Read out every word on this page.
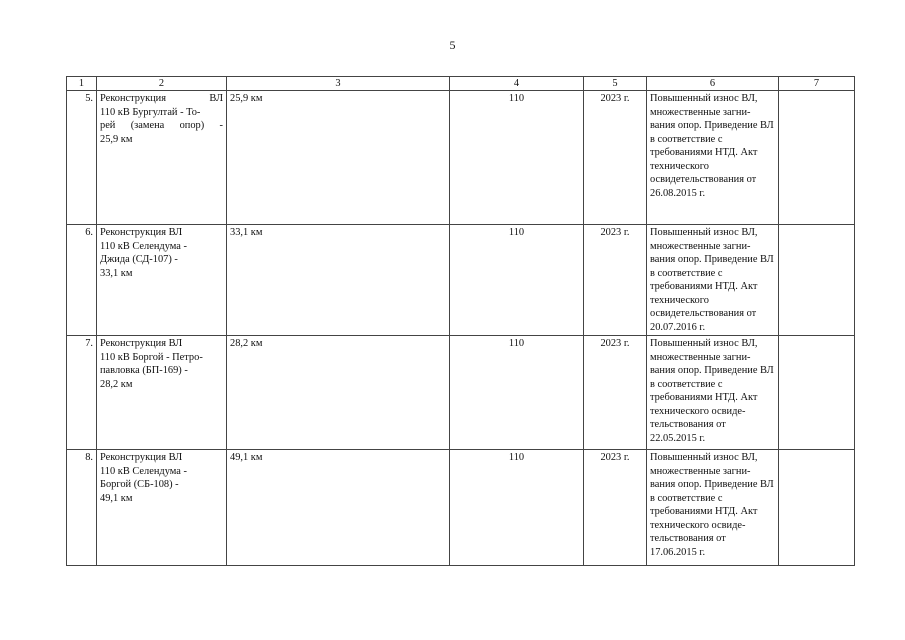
5
1	2	3	4	5	6	7
5.	Реконструкция ВЛ
110 кВ Бургултай - То-
рей (замена опор) -
25,9 км	25,9 км	110	2023 г.	Повышенный износ ВЛ, множественные загни-вания опор. Приведение ВЛ в соответствие с требованиями НТД. Акт технического освидетельствования от 26.08.2015 г.	
6.	Реконструкция ВЛ
110 кВ Селендума -
Джида (СД-107) -
33,1 км	33,1 км	110	2023 г.	Повышенный износ ВЛ, множественные загни-вания опор. Приведение ВЛ в соответствие с требованиями НТД. Акт технического освидетельствования от 20.07.2016 г.	
7.	Реконструкция ВЛ
110 кВ Боргой - Петро-
павловка (БП-169) -
28,2 км	28,2 км	110	2023 г.	Повышенный износ ВЛ, множественные загни-вания опор. Приведение ВЛ в соответствие с требованиями НТД. Акт технического освиде-тельствования от 22.05.2015 г.	
8.	Реконструкция ВЛ
110 кВ Селендума -
Боргой (СБ-108) -
49,1 км	49,1 км	110	2023 г.	Повышенный износ ВЛ, множественные загни-вания опор. Приведение ВЛ в соответствие с требованиями НТД. Акт технического освиде-тельствования от 17.06.2015 г.	
